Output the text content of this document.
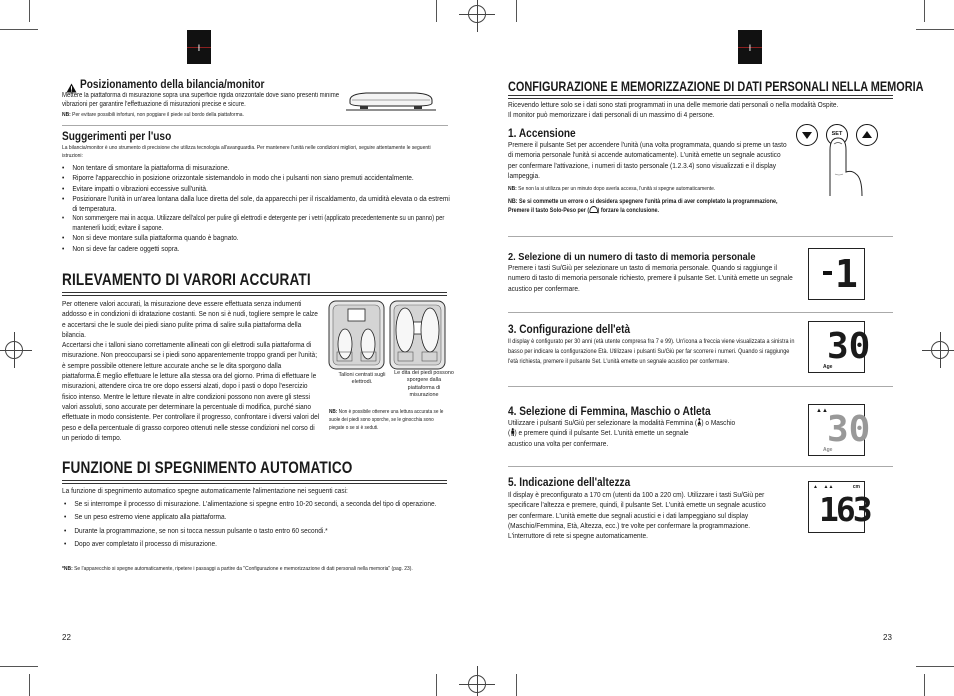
I	I
Posizionamento della bilancia/monitor
Mettere la piattaforma di misurazione sopra una superficie rigida orizzontale dove siano presenti minime vibrazioni per garantire l'effettuazione di misurazioni precise e sicure.
NB: Per evitare possibili infortuni, non poggiare il piede sul bordo della piattaforma.
Suggerimenti per l'uso
La bilancia/monitor è uno strumento di precisione che utilizza tecnologia all'avanguardia. Per mantenere l'unità nelle condizioni migliori, seguire attentamente le seguenti istruzioni:
• Non tentare di smontare la piattaforma di misurazione.
• Riporre l'apparecchio in posizione orizzontale sistemandolo in modo che i pulsanti non siano premuti accidentalmente.
• Evitare impatti o vibrazioni eccessive sull'unità.
• Posizionare l'unità in un'area lontana dalla luce diretta del sole, da apparecchi per il riscaldamento, da umidità elevata o da estremi di temperatura.
• Non sommergere mai in acqua. Utilizzare dell'alcol per pulire gli elettrodi e detergente per i vetri (applicato precedentemente su un panno) per mantenerli lucidi; evitare il sapone.
• Non si deve montare sulla piattaforma quando è bagnato.
• Non si deve far cadere oggetti sopra.
RILEVAMENTO DI VARORI ACCURATI
Per ottenere valori accurati, la misurazione deve essere effettuata senza indumenti addosso e in condizioni di idratazione costanti. Se non si è nudi, togliere sempre le calze e accertarsi che le suole dei piedi siano pulite prima di salire sulla piattaforma della bilancia.
Accertarsi che i talloni siano correttamente allineati con gli elettrodi sulla piattaforma di misurazione. Non preoccuparsi se i piedi sono apparentemente troppo grandi per l'unità; è sempre possibile ottenere letture accurate anche se le dita sporgono dalla piattaforma.È meglio effettuare le letture alla stessa ora del giorno. Prima di effettuare le misurazioni, attendere circa tre ore dopo essersi alzati, dopo i pasti o dopo l'esercizio fisico intenso. Mentre le letture rilevate in altre condizioni possono non avere gli stessi valori assoluti, sono accurate per determinare la percentuale di modifica, purché siano effettuate in modo consistente. Per controllare il progresso, confrontare i diversi valori del peso e della percentuale di grasso corporeo ottenuti nelle stesse condizioni nel corso di un periodo di tempo.
Talloni centrati sugli elettrodi.
Le dita dei piedi possono sporgere dalla piattaforma di misurazione
NB: Non è possibile ottenere una lettura accurata se le suole dei piedi sono sporche, se le ginocchia sono piegate o se si è seduti.
FUNZIONE DI SPEGNIMENTO AUTOMATICO
La funzione di spegnimento automatico spegne automaticamente l'alimentazione nei seguenti casi:
• Se si interrompe il processo di misurazione. L'alimentazione si spegne entro 10-20 secondi, a seconda del tipo di operazione.
• Se un peso estremo viene applicato alla piattaforma.
• Durante la programmazione, se non si tocca nessun pulsante o tasto entro 60 secondi.*
• Dopo aver completato il processo di misurazione.
*NB: Se l'apparecchio si spegne automaticamente, ripetere i passaggi a partire da "Configurazione e memorizzazione di dati personali nella memoria" (pag. 23).
22
CONFIGURAZIONE E MEMORIZZAZIONE DI DATI PERSONALI NELLA MEMORIA
Ricevendo letture solo se i dati sono stati programmati in una delle memorie dati personali o nella modalità Ospite.
Il monitor può memorizzare i dati personali di un massimo di 4 persone.
1. Accensione
Premere il pulsante Set per accendere l'unità (una volta programmata, quando si preme un tasto di memoria personale l'unità si accende automaticamente). L'unità emette un segnale acustico per confermare l'attivazione, i numeri di tasto personale (1.2.3.4) sono visualizzati e il display lampeggia.
NB: Se non la si utilizza per un minuto dopo averla accesa, l'unità si spegne automaticamente.
NB: Se si commette un errore o si desidera spegnere l'unità prima di aver completato la programmazione, Premere il tasto Solo-Peso per ( ) forzare la conclusione.
SET
2. Selezione di un numero di tasto di memoria personale
Premere i tasti Su/Giù per selezionare un tasto di memoria personale. Quando si raggiunge il numero di tasto di memoria personale richiesto, premere il pulsante Set. L'unità emette un segnale acustico per confermare.	1
3. Configurazione dell'età
Il display è configurato per 30 anni (età utente compresa fra 7 e 99). Un'icona a freccia viene visualizzata a sinistra in basso per indicare la configurazione Età. Utilizzare i pulsanti Su/Giù per far scorrere i numeri. Quando si raggiunge l'età richiesta, premere il pulsante Set. L'unità emette un segnale acustico per confermare.	30
Age
4. Selezione di Femmina, Maschio o Atleta
Utilizzare i pulsanti Su/Giù per selezionare la modalità Femmina ( ) o Maschio
( ) e premere quindi il pulsante Set. L'unità emette un segnale
acustico una volta per confermare.
▲▲ 30
Age
5. Indicazione dell'altezza
Il display è preconfigurato a 170 cm (utenti da 100 a 220 cm). Utilizzare i tasti Su/Giù per specificare l'altezza e premere, quindi, il pulsante Set. L'unità emette un segnale acustico per confermare. L'unità emette due segnali acustici e i dati lampeggiano sul display (Maschio/Femmina, Età, Altezza, ecc.) tre volte per confermare la programmazione. L'interruttore di rete si spegne automaticamente.
▲    ▲▲	cm
163
23
